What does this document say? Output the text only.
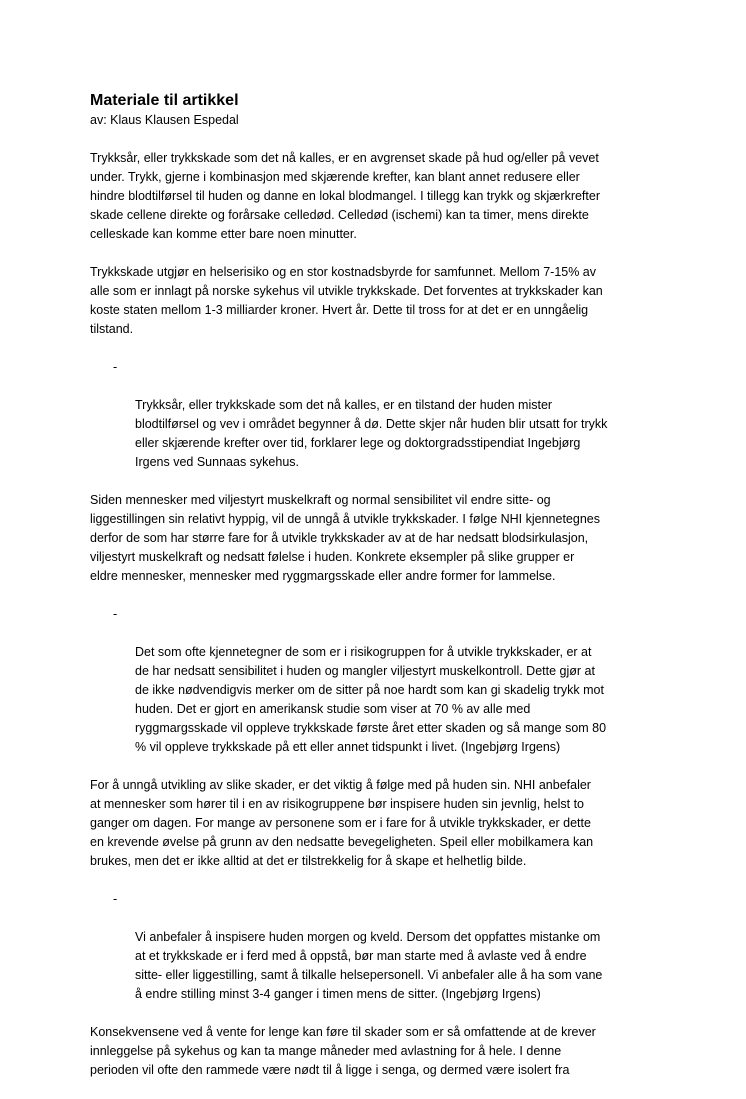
Materiale til artikkel

av: Klaus Klausen Espedal

Trykksår, eller trykkskade som det nå kalles, er en avgrenset skade på hud og/eller på vevet
under. Trykk, gjerne i kombinasjon med skjærende krefter, kan blant annet redusere eller
hindre blodtilførsel til huden og danne en lokal blodmangel. I tillegg kan trykk og skjærkrefter
skade cellene direkte og forårsake celledød. Celledød (ischemi) kan ta timer, mens direkte
celleskade kan komme etter bare noen minutter.

Trykkskade utgjør en helserisiko og en stor kostnadsbyrde for samfunnet. Mellom 7-15% av
alle som er innlagt på norske sykehus vil utvikle trykkskade. Det forventes at trykkskader kan
koste staten mellom 1-3 milliarder kroner. Hvert år. Dette til tross for at det er en unngåelig
tilstand.

-

Trykksår, eller trykkskade som det nå kalles, er en tilstand der huden mister
blodtilførsel og vev i området begynner å dø. Dette skjer når huden blir utsatt for trykk
eller skjærende krefter over tid, forklarer lege og doktorgradsstipendiat Ingebjørg
Irgens ved Sunnaas sykehus.

Siden mennesker med viljestyrt muskelkraft og normal sensibilitet vil endre sitte- og
liggestillingen sin relativt hyppig, vil de unngå å utvikle trykkskader. I følge NHI kjennetegnes
derfor de som har større fare for å utvikle trykkskader av at de har nedsatt blodsirkulasjon,
viljestyrt muskelkraft og nedsatt følelse i huden. Konkrete eksempler på slike grupper er
eldre mennesker, mennesker med ryggmargsskade eller andre former for lammelse.

-

Det som ofte kjennetegner de som er i risikogruppen for å utvikle trykkskader, er at
de har nedsatt sensibilitet i huden og mangler viljestyrt muskelkontroll. Dette gjør at
de ikke nødvendigvis merker om de sitter på noe hardt som kan gi skadelig trykk mot
huden. Det er gjort en amerikansk studie som viser at 70 % av alle med
ryggmargsskade vil oppleve trykkskade første året etter skaden og så mange som 80
% vil oppleve trykkskade på ett eller annet tidspunkt i livet. (Ingebjørg Irgens)

For å unngå utvikling av slike skader, er det viktig å følge med på huden sin. NHI anbefaler
at mennesker som hører til i en av risikogruppene bør inspisere huden sin jevnlig, helst to
ganger om dagen. For mange av personene som er i fare for å utvikle trykkskader, er dette
en krevende øvelse på grunn av den nedsatte bevegeligheten. Speil eller mobilkamera kan
brukes, men det er ikke alltid at det er tilstrekkelig for å skape et helhetlig bilde.

-

Vi anbefaler å inspisere huden morgen og kveld. Dersom det oppfattes mistanke om
at et trykkskade er i ferd med å oppstå, bør man starte med å avlaste ved å endre
sitte- eller liggestilling, samt å tilkalle helsepersonell. Vi anbefaler alle å ha som vane
å endre stilling minst 3-4 ganger i timen mens de sitter. (Ingebjørg Irgens)

Konsekvensene ved å vente for lenge kan føre til skader som er så omfattende at de krever
innleggelse på sykehus og kan ta mange måneder med avlastning for å hele. I denne
perioden vil ofte den rammede være nødt til å ligge i senga, og dermed være isolert fra
